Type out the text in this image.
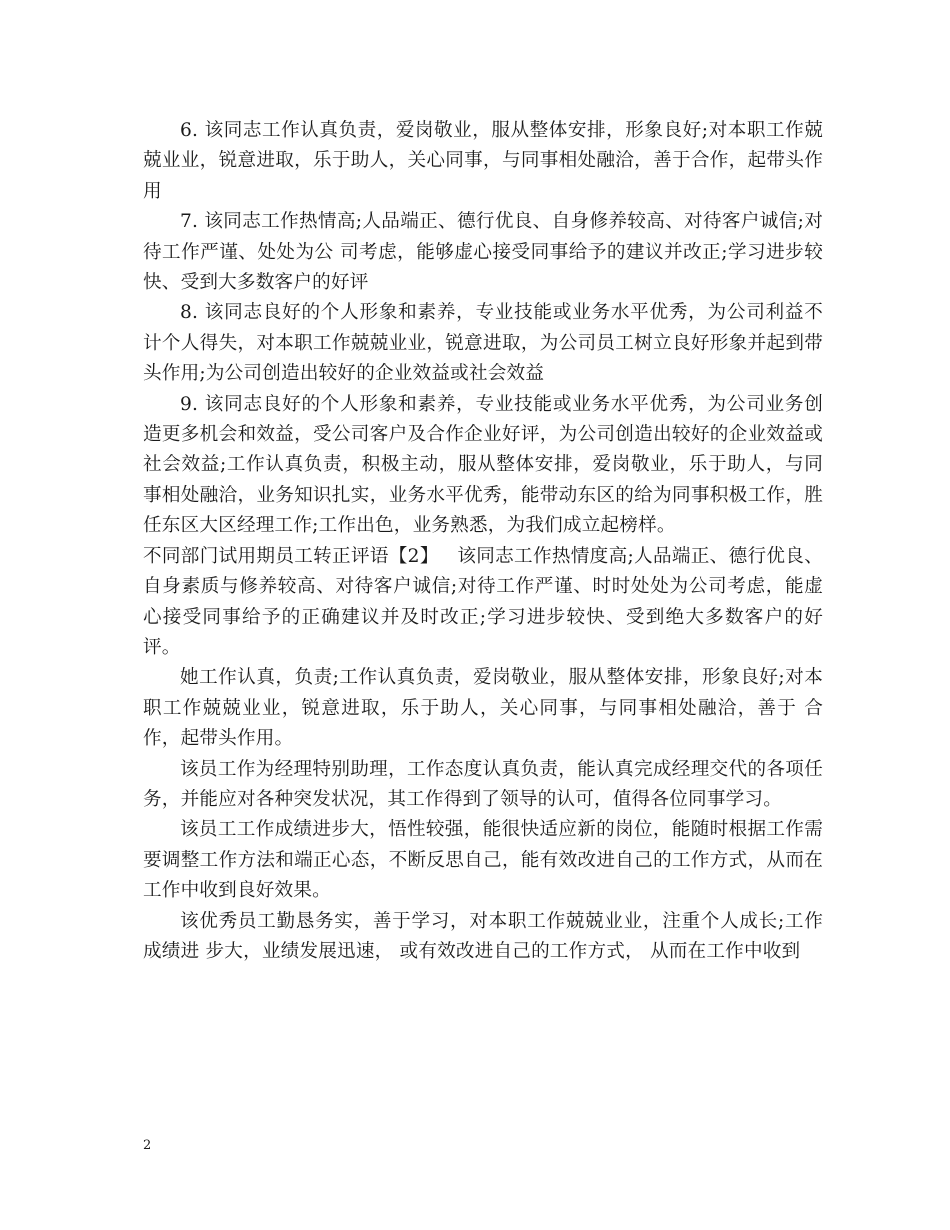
6. 该同志工作认真负责，爱岗敬业，服从整体安排，形象良好;对本职工作兢兢业业，锐意进取，乐于助人，关心同事，与同事相处融洽，善于合作，起带头作用

7. 该同志工作热情高;人品端正、德行优良、自身修养较高、对待客户诚信;对待工作严谨、处处为公 司考虑，能够虚心接受同事给予的建议并改正;学习进步较快、受到大多数客户的好评

8. 该同志良好的个人形象和素养，专业技能或业务水平优秀，为公司利益不计个人得失，对本职工作兢兢业业，锐意进取，为公司员工树立良好形象并起到带头作用;为公司创造出较好的企业效益或社会效益

9. 该同志良好的个人形象和素养，专业技能或业务水平优秀，为公司业务创造更多机会和效益，受公司客户及合作企业好评，为公司创造出较好的企业效益或社会效益;工作认真负责，积极主动，服从整体安排，爱岗敬业，乐于助人，与同事相处融洽，业务知识扎实，业务水平优秀，能带动东区的给为同事积极工作，胜任东区大区经理工作;工作出色，业务熟悉，为我们成立起榜样。

不同部门试用期员工转正评语【2】 该同志工作热情度高;人品端正、德行优良、自身素质与修养较高、对待客户诚信;对待工作严谨、时时处处为公司考虑，能虚心接受同事给予的正确建议并及时改正;学习进步较快、受到绝大多数客户的好评。

她工作认真，负责;工作认真负责，爱岗敬业，服从整体安排，形象良好;对本职工作兢兢业业，锐意进取，乐于助人，关心同事，与同事相处融洽，善于 合作，起带头作用。

该员工作为经理特别助理，工作态度认真负责，能认真完成经理交代的各项任务，并能应对各种突发状况，其工作得到了领导的认可，值得各位同事学习。

该员工工作成绩进步大，悟性较强，能很快适应新的岗位，能随时根据工作需要调整工作方法和端正心态，不断反思自己，能有效改进自己的工作方式，从而在工作中收到良好效果。

该优秀员工勤恳务实，善于学习，对本职工作兢兢业业，注重个人成长;工作成绩进 步大，业绩发展迅速， 或有效改进自己的工作方式， 从而在工作中收到

2
